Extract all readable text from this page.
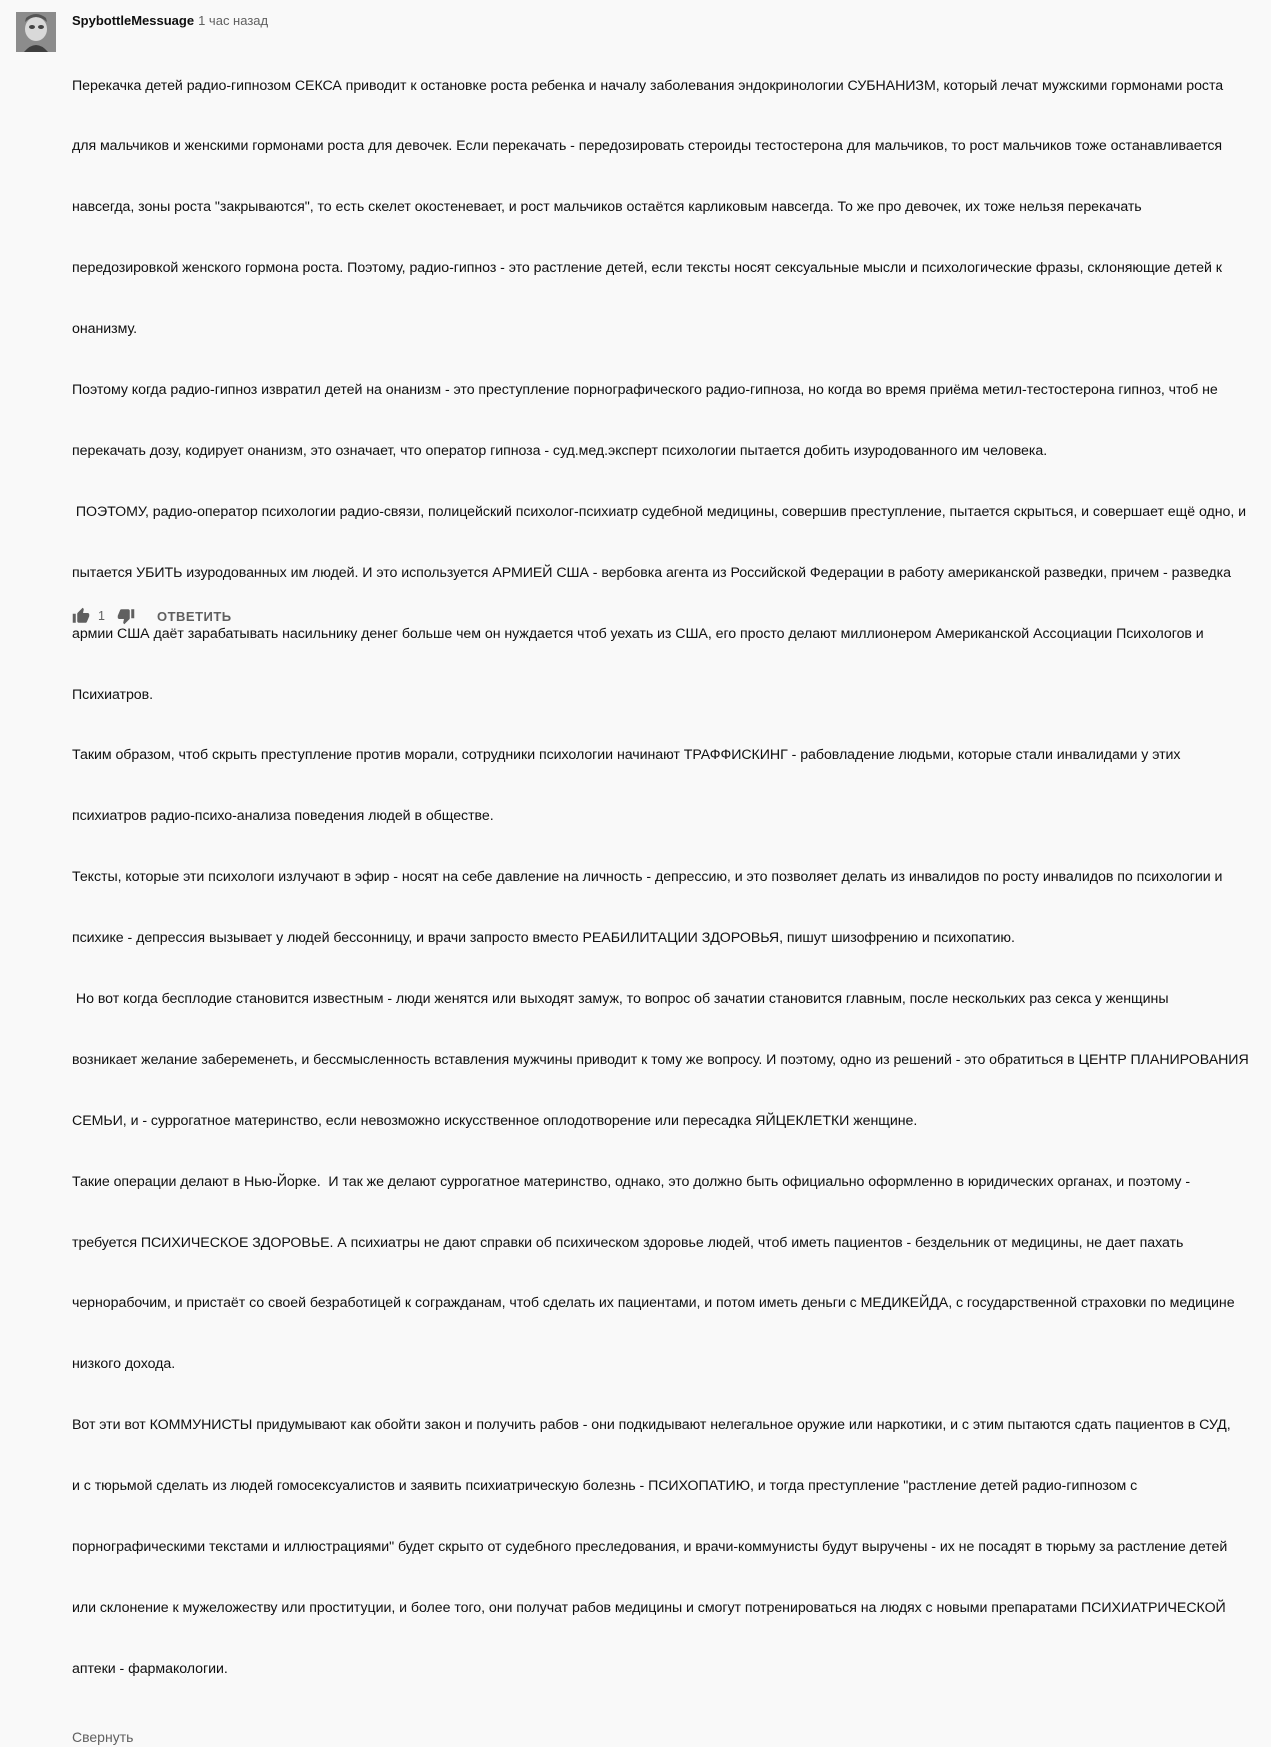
SpybottleMessuage 1 час назад

Перекачка детей радио-гипнозом СЕКСА приводит к остановке роста ребенка и началу заболевания эндокринологии СУБНАНИЗМ, который лечат мужскими гормонами роста

для мальчиков и женскими гормонами роста для девочек. Если перекачать - передозировать стероиды тестостерона для мальчиков, то рост мальчиков тоже останавливается

навсегда, зоны роста "закрываются", то есть скелет окостеневает, и рост мальчиков остаётся карликовым навсегда. То же про девочек, их тоже нельзя перекачать

передозировкой женского гормона роста. Поэтому, радио-гипноз - это растление детей, если тексты носят сексуальные мысли и психологические фразы, склоняющие детей к

онанизму.

Поэтому когда радио-гипноз извратил детей на онанизм - это преступление порнографического радио-гипноза, но когда во время приёма метил-тестостерона гипноз, чтоб не

перекачать дозу, кодирует онанизм, это означает, что оператор гипноза - суд.мед.эксперт психологии пытается добить изуродованного им человека.

ПОЭТОМУ, радио-оператор психологии радио-связи, полицейский психолог-психиатр судебной медицины, совершив преступление, пытается скрыться, и совершает ещё одно, и

пытается УБИТЬ изуродованных им людей. И это используется АРМИЕЙ США - вербовка агента из Российской Федерации в работу американской разведки, причем - разведка

армии США даёт зарабатывать насильнику денег больше чем он нуждается чтоб уехать из США, его просто делают миллионером Американской Ассоциации Психологов и

Психиатров.

Таким образом, чтоб скрыть преступление против морали, сотрудники психологии начинают ТРАФФИСКИНГ - рабовладение людьми, которые стали инвалидами у этих

психиатров радио-психо-анализа поведения людей в обществе.

Тексты, которые эти психологи излучают в эфир - носят на себе давление на личность - депрессию, и это позволяет делать из инвалидов по росту инвалидов по психологии и

психике - депрессия вызывает у людей бессонницу, и врачи запросто вместо РЕАБИЛИТАЦИИ ЗДОРОВЬЯ, пишут шизофрению и психопатию.

Но вот когда бесплодие становится известным - люди женятся или выходят замуж, то вопрос об зачатии становится главным, после нескольких раз секса у женщины

возникает желание забеременеть, и бессмысленность вставления мужчины приводит к тому же вопросу. И поэтому, одно из решений - это обратиться в ЦЕНТР ПЛАНИРОВАНИЯ

СЕМЬИ, и - суррогатное материнство, если невозможно искусственное оплодотворение или пересадка ЯЙЦЕКЛЕТКИ женщине.

Такие операции делают в Нью-Йорке.  И так же делают суррогатное материнство, однако, это должно быть официально оформленно в юридических органах, и поэтому -

требуется ПСИХИЧЕСКОЕ ЗДОРОВЬЕ. А психиатры не дают справки об психическом здоровье людей, чтоб иметь пациентов - бездельник от медицины, не дает пахать

чернорабочим, и пристаёт со своей безработицей к согражданам, чтоб сделать их пациентами, и потом иметь деньги с МЕДИКЕЙДА, с государственной страховки по медицине

низкого дохода.

Вот эти вот КОММУНИСТЫ придумывают как обойти закон и получить рабов - они подкидывают нелегальное оружие или наркотики, и с этим пытаются сдать пациентов в СУД,

и с тюрьмой сделать из людей гомосексуалистов и заявить психиатрическую болезнь - ПСИХОПАТИЮ, и тогда преступление "растление детей радио-гипнозом с

порнографическими текстами и иллюстрациями" будет скрыто от судебного преследования, и врачи-коммунисты будут выручены - их не посадят в тюрьму за растление детей

или склонение к мужеложеству или проституции, и более того, они получат рабов медицины и смогут потренироваться на людях с новыми препаратами ПСИХИАТРИЧЕСКОЙ

аптеки - фармакологии.

Свернуть
1	ОТВЕТИТЬ
